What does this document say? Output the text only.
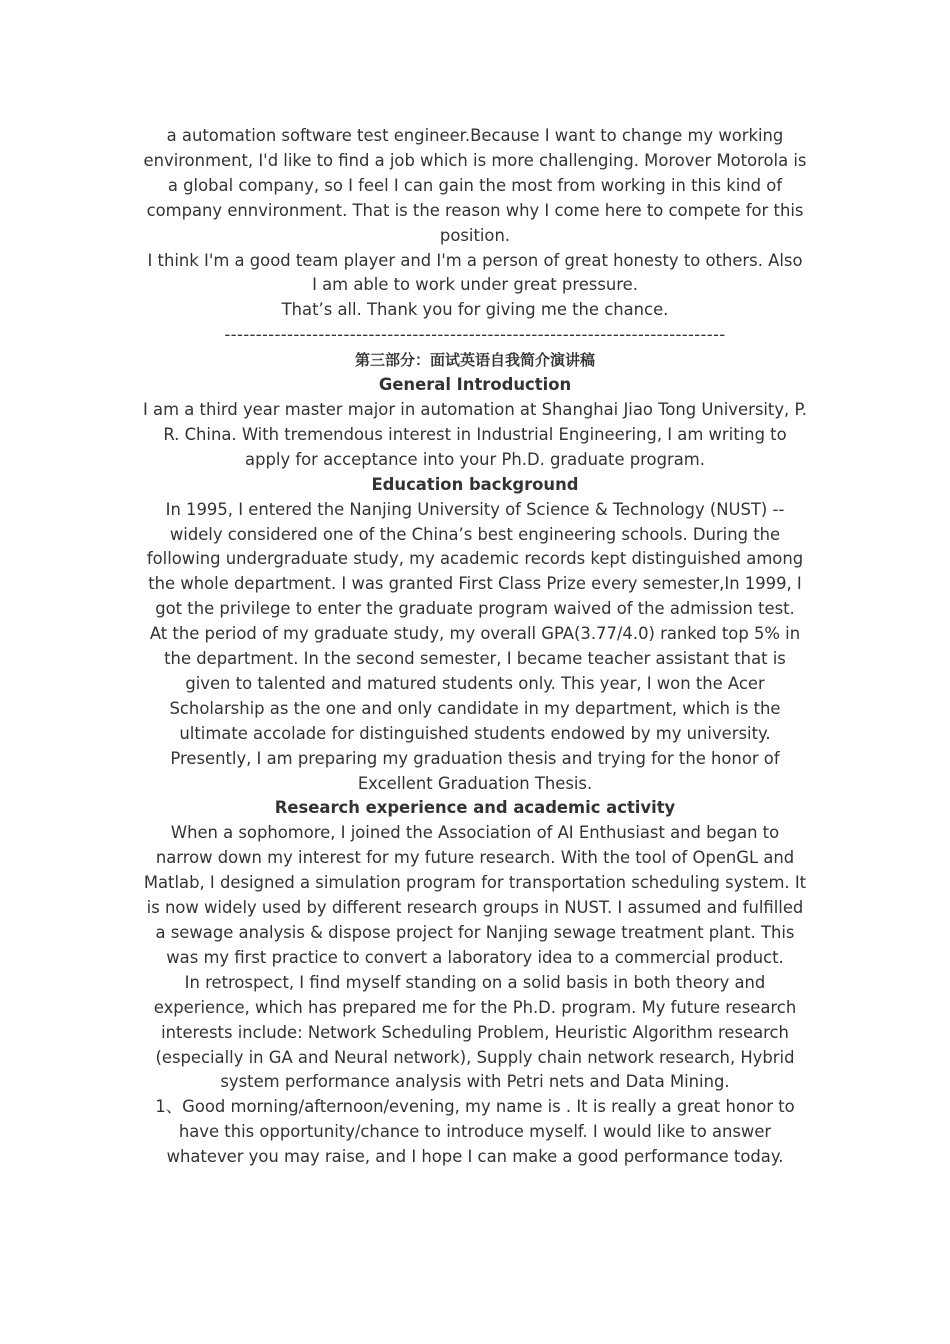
a automation software test engineer.Because I want to change my working environment, I'd like to find a job which is more challenging. Morover Motorola is a global company, so I feel I can gain the most from working in this kind of company ennvironment. That is the reason why I come here to compete for this position.

I think I'm a good team player and I'm a person of great honesty to others. Also I am able to work under great pressure.

That’s all. Thank you for giving me the chance.

--------------------------------------------------------------------------------

第三部分：面试英语自我简介演讲稿

General Introduction

I am a third year master major in automation at Shanghai Jiao Tong University, P. R. China. With tremendous interest in Industrial Engineering, I am writing to apply for acceptance into your Ph.D. graduate program.

Education background

In 1995, I entered the Nanjing University of Science & Technology (NUST) -- widely considered one of the China’s best engineering schools. During the following undergraduate study, my academic records kept distinguished among the whole department. I was granted First Class Prize every semester,In 1999, I got the privilege to enter the graduate program waived of the admission test.

At the period of my graduate study, my overall GPA(3.77/4.0) ranked top 5% in the department. In the second semester, I became teacher assistant that is given to talented and matured students only. This year, I won the Acer Scholarship as the one and only candidate in my department, which is the ultimate accolade for distinguished students endowed by my university. Presently, I am preparing my graduation thesis and trying for the honor of Excellent Graduation Thesis.

Research experience and academic activity

When a sophomore, I joined the Association of AI Enthusiast and began to narrow down my interest for my future research. With the tool of OpenGL and Matlab, I designed a simulation program for transportation scheduling system. It is now widely used by different research groups in NUST. I assumed and fulfilled a sewage analysis & dispose project for Nanjing sewage treatment plant. This was my first practice to convert a laboratory idea to a commercial product.

In retrospect, I find myself standing on a solid basis in both theory and experience, which has prepared me for the Ph.D. program. My future research interests include: Network Scheduling Problem, Heuristic Algorithm research (especially in GA and Neural network), Supply chain network research, Hybrid system performance analysis with Petri nets and Data Mining.

1、Good morning/afternoon/evening, my name is . It is really a great honor to have this opportunity/chance to introduce myself. I would like to answer whatever you may raise, and I hope I can make a good performance today.
